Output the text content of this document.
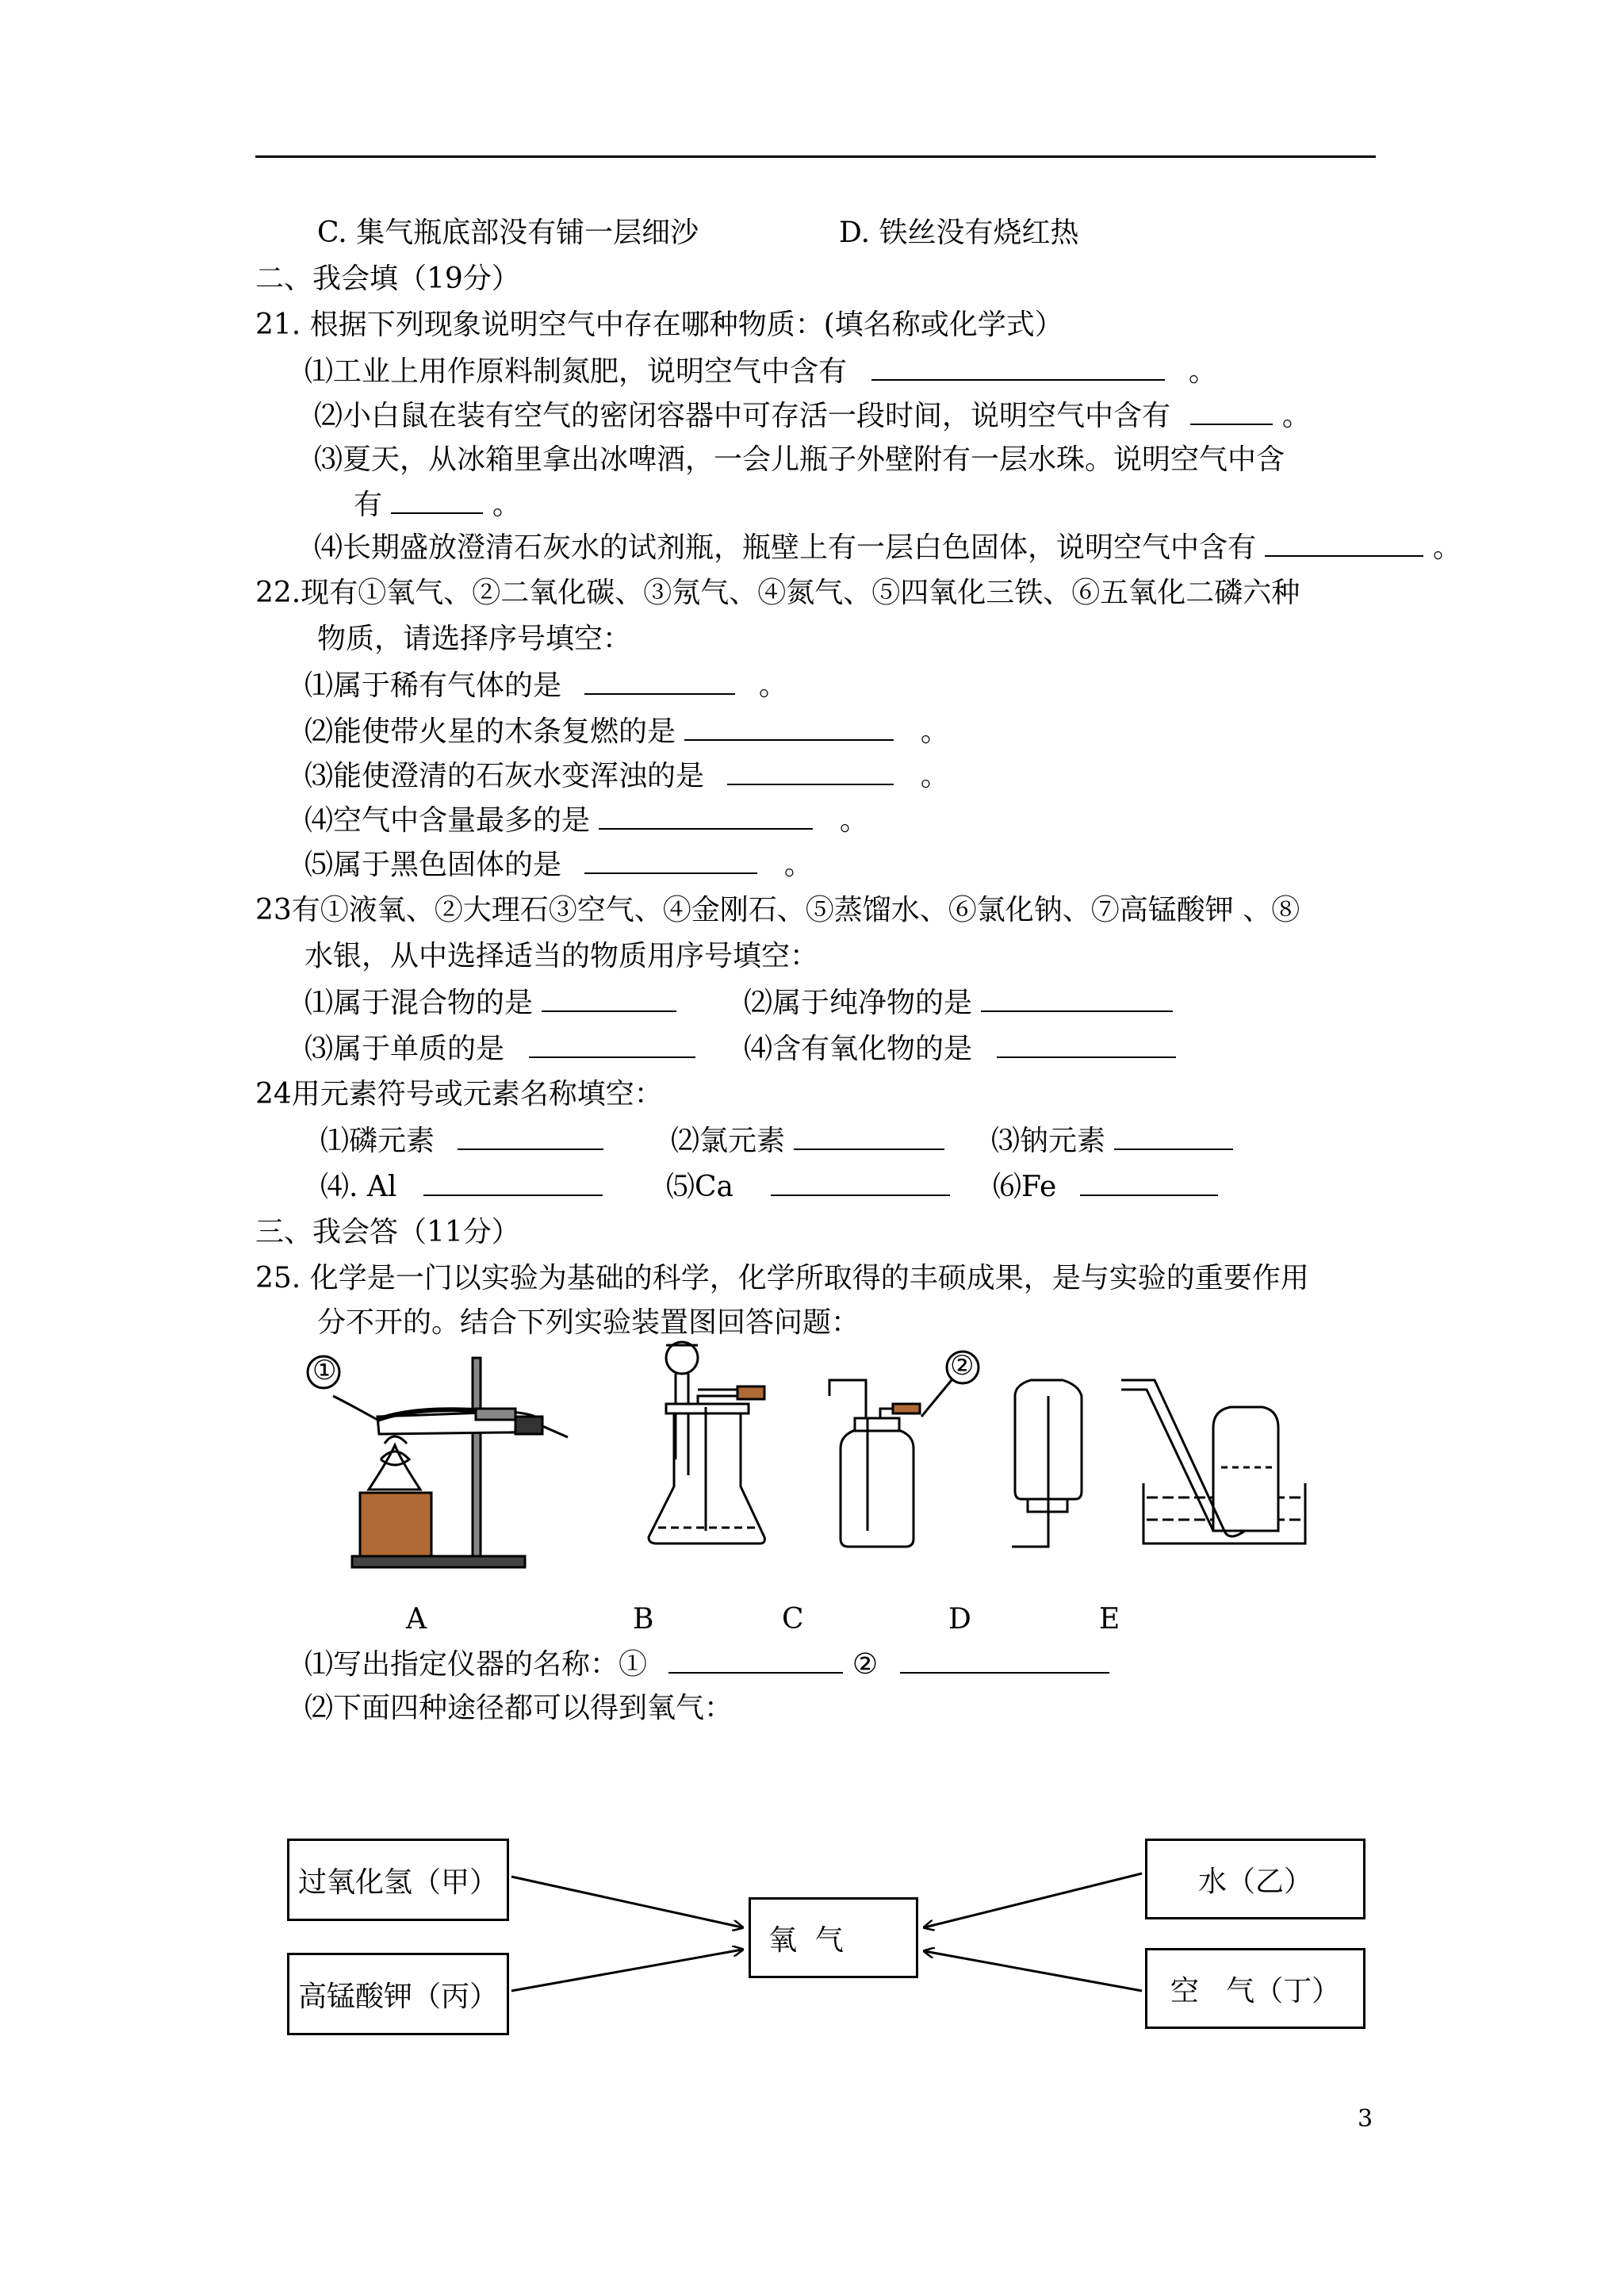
C. 集气瓶底部没有铺一层细沙	D. 铁丝没有烧红热
二、我会填（19分）
21. 根据下列现象说明空气中存在哪种物质：(填名称或化学式）
⑴工业上用作原料制氮肥，说明空气中含有	。
⑵小白鼠在装有空气的密闭容器中可存活一段时间，说明空气中含有	。
⑶夏天，从冰箱里拿出冰啤酒，一会儿瓶子外壁附有一层水珠。说明空气中含
有	。
⑷长期盛放澄清石灰水的试剂瓶，瓶壁上有一层白色固体，说明空气中含有	。
22.现有①氧气、②二氧化碳、③氖气、④氮气、⑤四氧化三铁、⑥五氧化二磷六种
物质，请选择序号填空：
⑴属于稀有气体的是	。
⑵能使带火星的木条复燃的是	。
⑶能使澄清的石灰水变浑浊的是	。
⑷空气中含量最多的是	。
⑸属于黑色固体的是	。
23有①液氧、②大理石③空气、④金刚石、⑤蒸馏水、⑥氯化钠、⑦高锰酸钾 、⑧
水银，从中选择适当的物质用序号填空：
⑴属于混合物的是	⑵属于纯净物的是
⑶属于单质的是	⑷含有氧化物的是
24用元素符号或元素名称填空：
⑴磷元素	⑵氯元素	⑶钠元素
⑷. Al	⑸Ca	⑹Fe
三、我会答（11分）
25. 化学是一门以实验为基础的科学，化学所取得的丰硕成果，是与实验的重要作用
分不开的。结合下列实验装置图回答问题：
①	②
A	B	C	D	E
⑴写出指定仪器的名称：①	②
⑵下面四种途径都可以得到氧气：
过氧化氢（甲）
高锰酸钾（丙）
氧  气
水（乙）
空   气（丁）
3
